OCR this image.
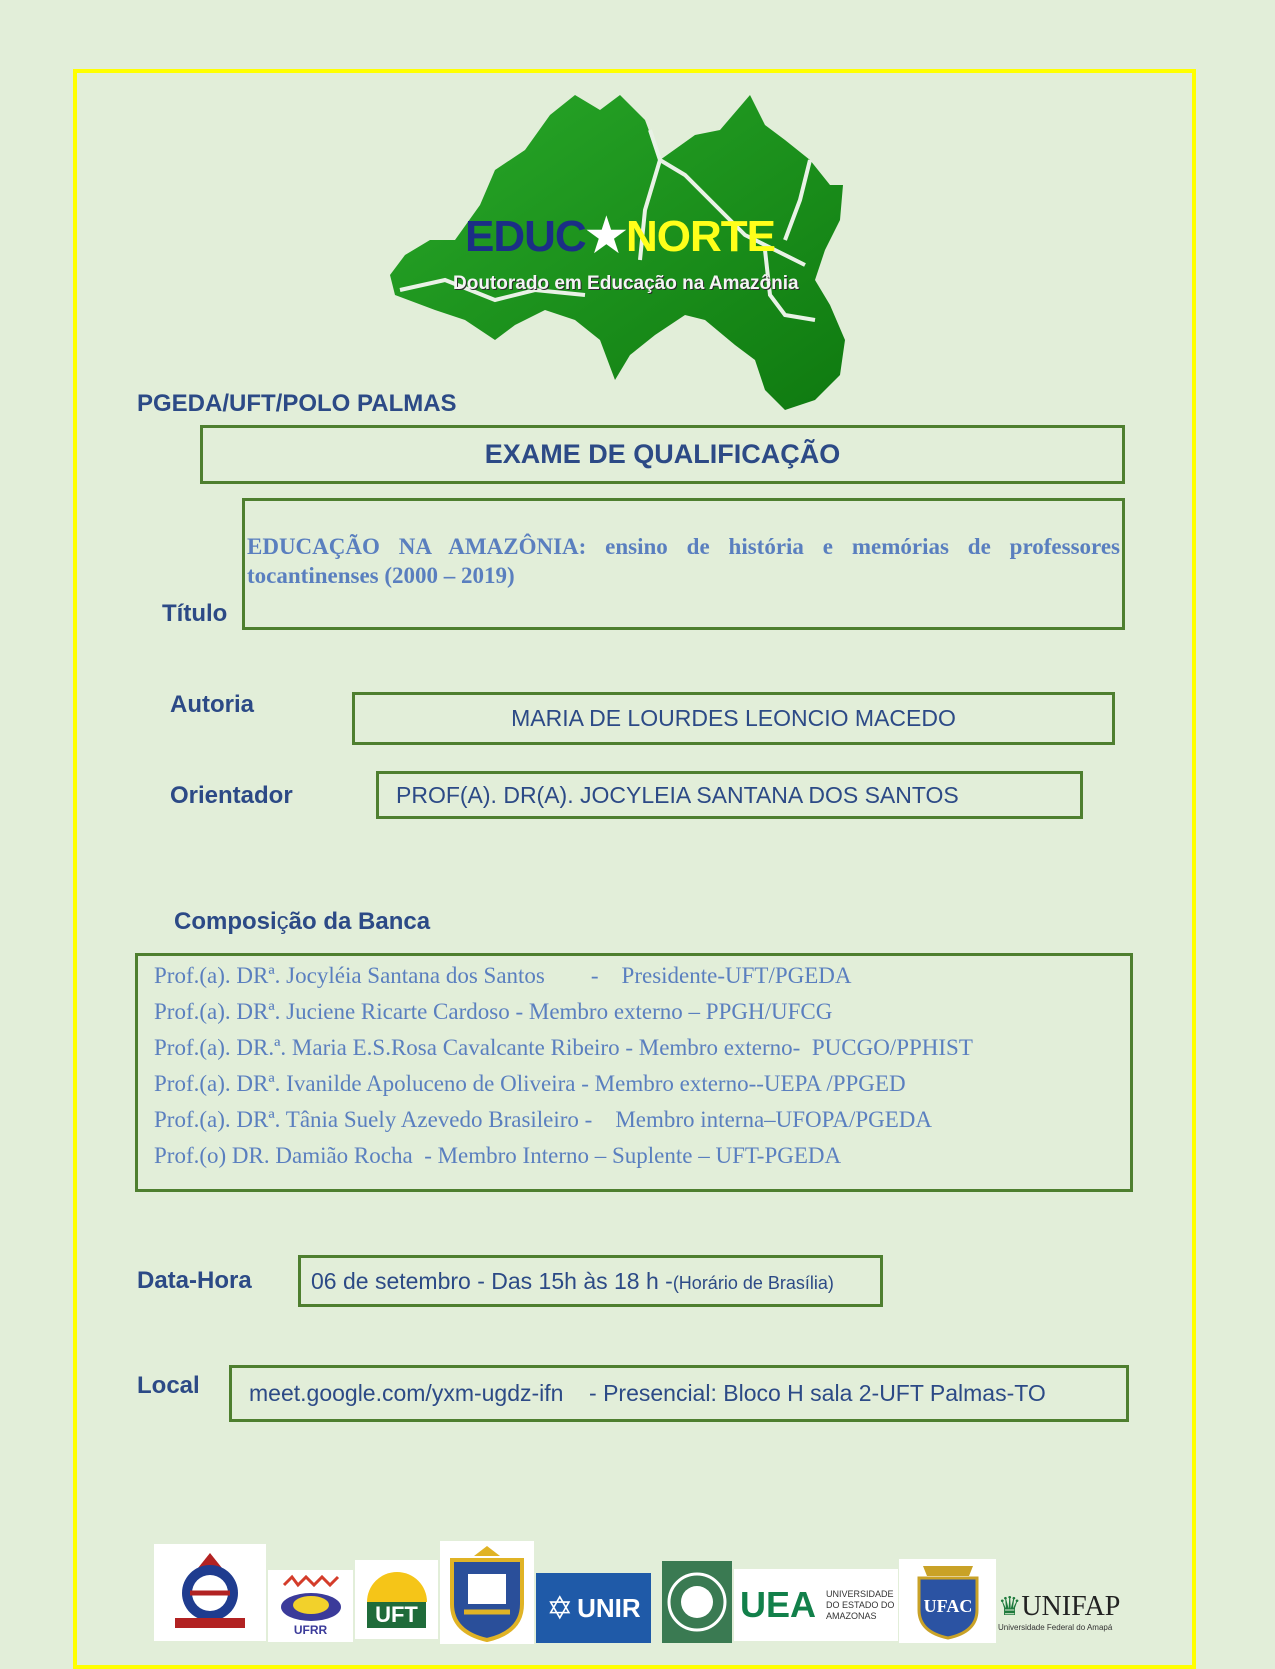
EDUC★NORTE
Doutorado em Educação na Amazônia
PGEDA/UFT/POLO PALMAS
EXAME DE QUALIFICAÇÃO
Título
EDUCAÇÃO NA AMAZÔNIA: ensino de história e memórias de professores tocantinenses (2000 – 2019)
Autoria	MARIA DE LOURDES LEONCIO MACEDO
Orientador	PROF(A). DR(A). JOCYLEIA SANTANA DOS SANTOS
Composição da Banca
Prof.(a). DRª. Jocyléia Santana dos Santos        -    Presidente-UFT/PGEDA
Prof.(a). DRª. Juciene Ricarte Cardoso - Membro externo – PPGH/UFCG
Prof.(a). DR.ª. Maria E.S.Rosa Cavalcante Ribeiro - Membro externo-  PUCGO/PPHIST
Prof.(a). DRª. Ivanilde Apoluceno de Oliveira - Membro externo--UEPA /PPGED
Prof.(a). DRª. Tânia Suely Azevedo Brasileiro -    Membro interna–UFOPA/PGEDA
Prof.(o) DR. Damião Rocha  - Membro Interno – Suplente – UFT-PGEDA
Data-Hora	06 de setembro - Das 15h às 18 h -(Horário de Brasília)
Local	meet.google.com/yxm-ugdz-ifn    - Presencial: Bloco H sala 2-UFT Palmas-TO
UFRR
UFT	✡ UNIR	UEA UNIVERSIDADE
DO ESTADO DO
AMAZONAS	UFAC ♛ UNIFAP
Universidade Federal do Amapá
